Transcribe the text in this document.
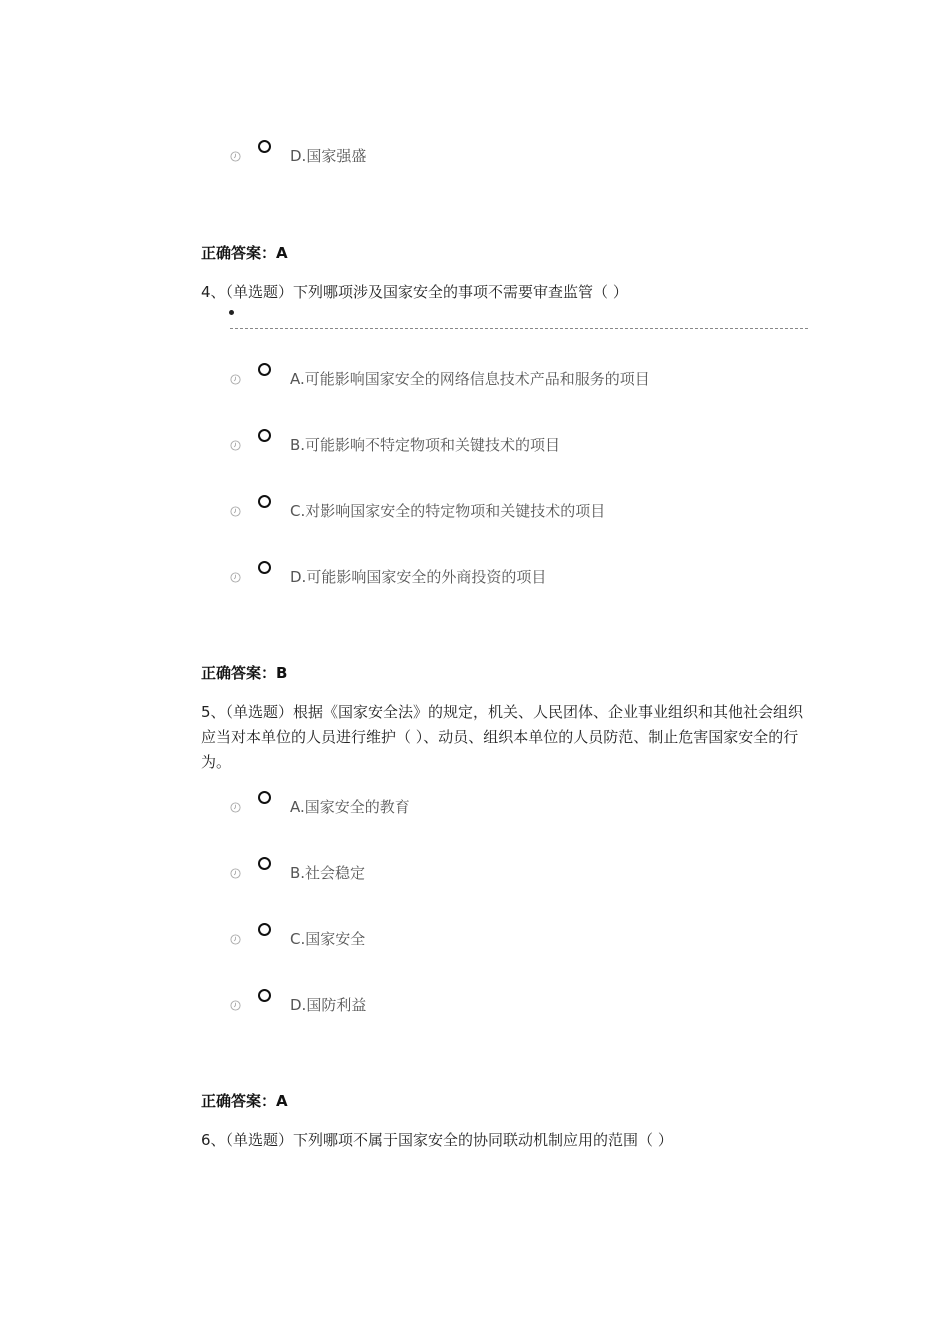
D.国家强盛
正确答案：A
4、（单选题）下列哪项涉及国家安全的事项不需要审查监管（ ）
A.可能影响国家安全的网络信息技术产品和服务的项目
B.可能影响不特定物项和关键技术的项目
C.对影响国家安全的特定物项和关键技术的项目
D.可能影响国家安全的外商投资的项目
正确答案：B
5、（单选题）根据《国家安全法》的规定，机关、人民团体、企业事业组织和其他社会组织应当对本单位的人员进行维护（ ）、动员、组织本单位的人员防范、制止危害国家安全的行为。
A.国家安全的教育
B.社会稳定
C.国家安全
D.国防利益
正确答案：A
6、（单选题）下列哪项不属于国家安全的协同联动机制应用的范围（ ）
